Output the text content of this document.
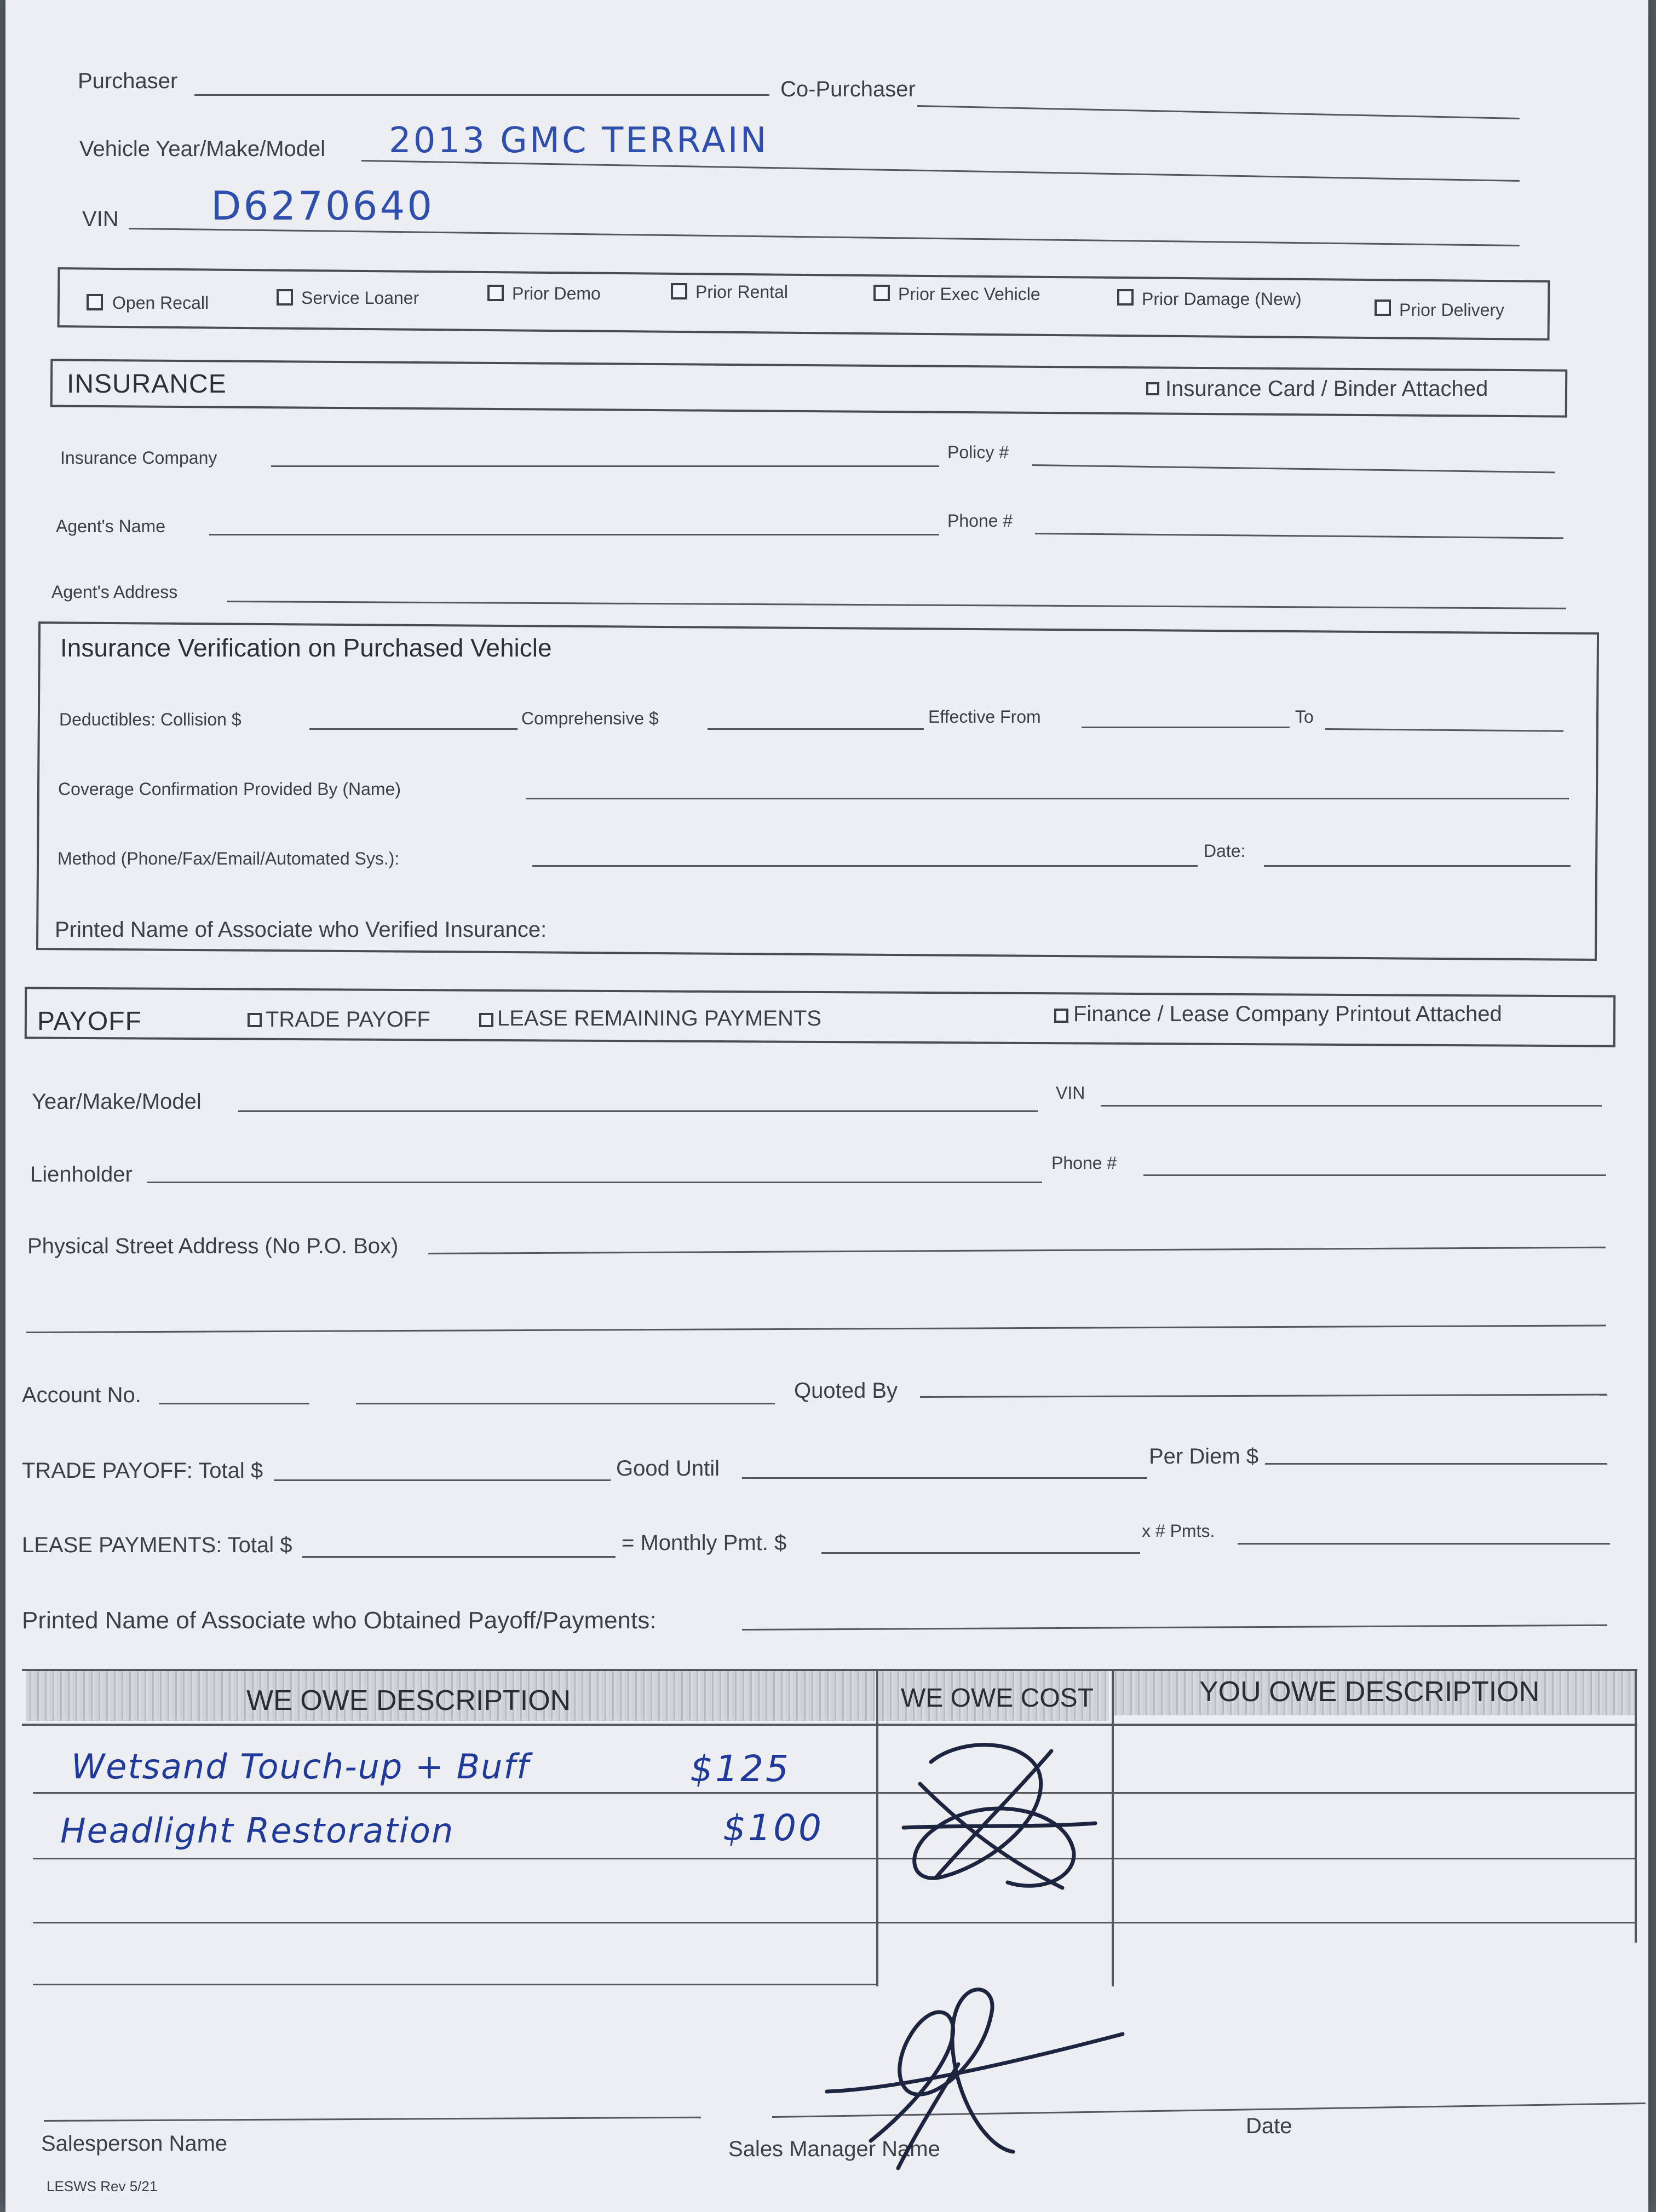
Purchaser	Co-Purchaser
Vehicle Year/Make/Model 2013 GMC TERRAIN
VIN D6270640
Open Recall	Service Loaner	Prior Demo	Prior Rental	Prior Exec Vehicle	Prior Damage (New)
Prior Delivery
INSURANCE	Insurance Card / Binder Attached
Insurance Company	Policy #
Agent's Name	Phone #
Agent's Address
Insurance Verification on Purchased Vehicle
Deductibles: Collision $	Comprehensive $	Effective From	To
Coverage Confirmation Provided By (Name)
Method (Phone/Fax/Email/Automated Sys.):	Date:
Printed Name of Associate who Verified Insurance:
PAYOFF	TRADE PAYOFF	LEASE REMAINING PAYMENTS	Finance / Lease Company Printout Attached
Year/Make/Model	VIN
Lienholder	Phone #
Physical Street Address (No P.O. Box)
Account No.	Quoted By
TRADE PAYOFF: Total $	Good Until	Per Diem $
LEASE PAYMENTS: Total $	= Monthly Pmt. $	x # Pmts.
Printed Name of Associate who Obtained Payoff/Payments:
WE OWE DESCRIPTION	WE OWE COST	YOU OWE DESCRIPTION
Wetsand Touch-up + Buff	$125
Headlight Restoration	$100
Salesperson Name	Sales Manager Name
Date
LESWS Rev 5/21
